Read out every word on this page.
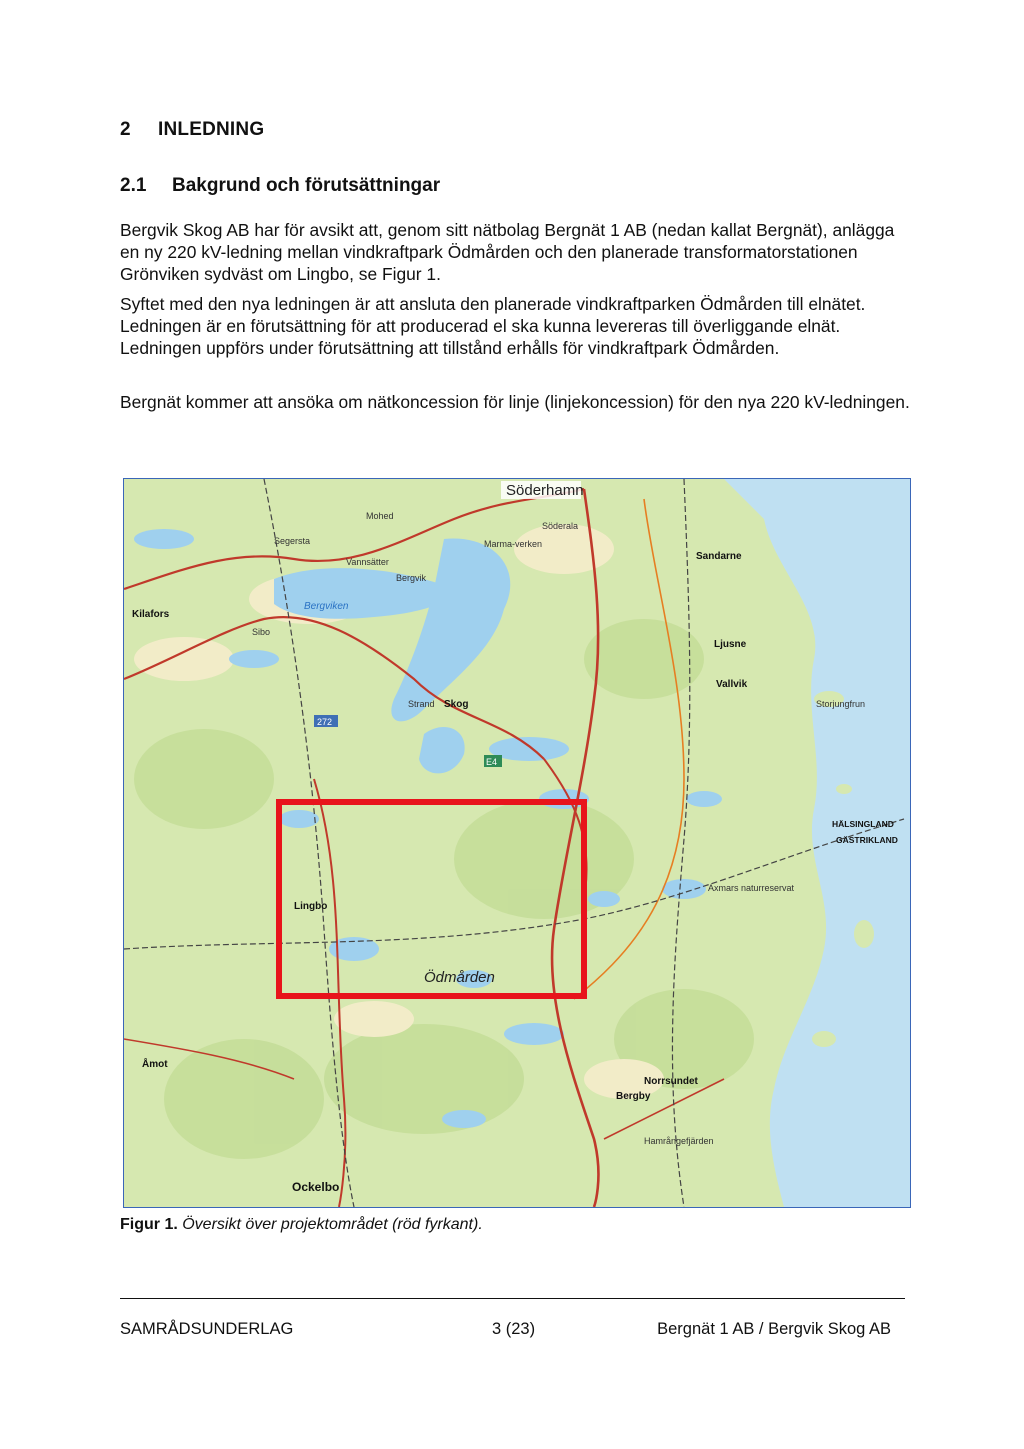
2 INLEDNING
2.1 Bakgrund och förutsättningar

Bergvik Skog AB har för avsikt att, genom sitt nätbolag Bergnät 1 AB (nedan kallat Bergnät), anlägga en ny 220 kV-ledning mellan vindkraftpark Ödmården och den planerade transformatorstationen Grönviken sydväst om Lingbo, se Figur 1.

Syftet med den nya ledningen är att ansluta den planerade vindkraftparken Ödmården till elnätet. Ledningen är en förutsättning för att producerad el ska kunna levereras till överliggande elnät. Ledningen uppförs under förutsättning att tillstånd erhålls för vindkraftpark Ödmården.

Bergnät kommer att ansöka om nätkoncession för linje (linjekoncession) för den nya 220 kV-ledningen.

Söderhamn
Sandarne
Bergviken
Kilafors
Sibo
Segersta
Vannsätter
Bergvik
Marma-verken
Söderala
Mohed
Ljusne
Vallvik
Storjungfrun
Skog
Strand
272
E4
Lingbo
Ödmården
HÄLSINGLAND
GÄSTRIKLAND
Axmars naturreservat
Norrsundet
Bergby
Ockelbo
Åmot
Hamrångefjärden
Figur 1. Översikt över projektområdet (röd fyrkant).
SAMRÅDSUNDERLAG	3 (23)	Bergnät 1 AB / Bergvik Skog AB
